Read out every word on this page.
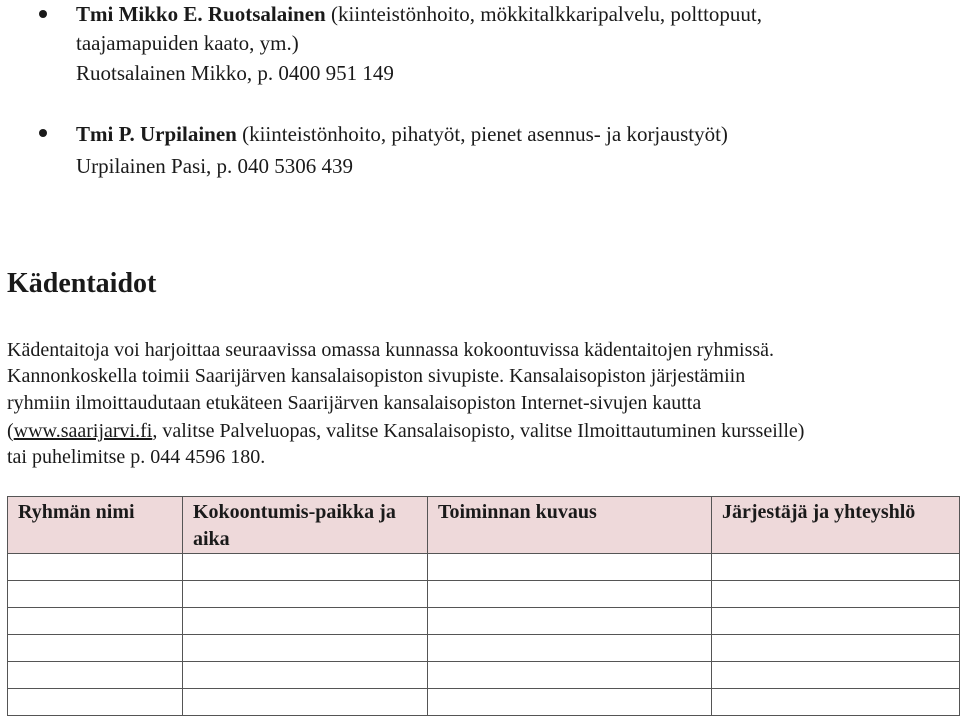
Tmi Mikko E. Ruotsalainen (kiinteistönhoito, mökkitalkkaripalvelu, polttopuut,
taajamapuiden kaato, ym.)
Ruotsalainen Mikko, p. 0400 951 149
Tmi P. Urpilainen (kiinteistönhoito, pihatyöt, pienet asennus- ja korjaustyöt)
Urpilainen Pasi, p. 040 5306 439
Kädentaidot
Kädentaitoja voi harjoittaa seuraavissa omassa kunnassa kokoontuvissa kädentaitojen ryhmissä.
Kannonkoskella toimii Saarijärven kansalaisopiston sivupiste. Kansalaisopiston järjestämiin
ryhmiin ilmoittaudutaan etukäteen Saarijärven kansalaisopiston Internet-sivujen kautta
(www.saarijarvi.fi, valitse Palveluopas, valitse Kansalaisopisto, valitse Ilmoittautuminen kursseille)
tai puhelimitse p. 044 4596 180.
Ryhmän nimi	Kokoontumis-paikka ja aika	Toiminnan kuvaus	Järjestäjä ja yhteyshlö
